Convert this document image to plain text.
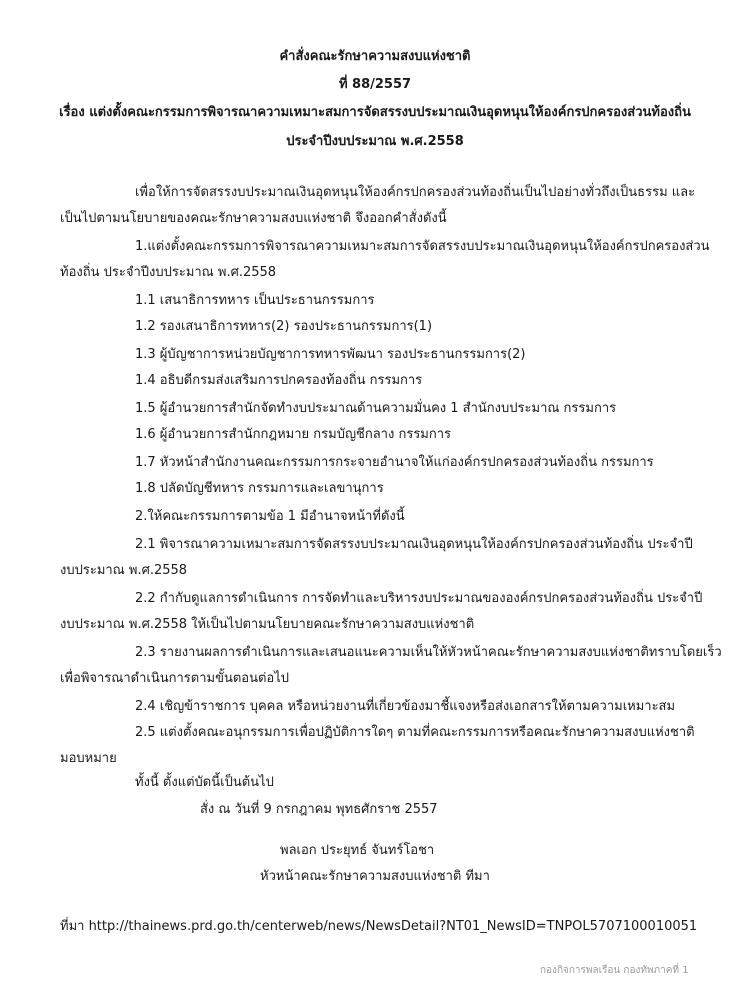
คำสั่งคณะรักษาความสงบแห่งชาติ
ที่ 88/2557
เรื่อง แต่งตั้งคณะกรรมการพิจารณาความเหมาะสมการจัดสรรงบประมาณเงินอุดหนุนให้องค์กรปกครองส่วนท้องถิ่น
ประจำปีงบประมาณ พ.ศ.2558
เพื่อให้การจัดสรรงบประมาณเงินอุดหนุนให้องค์กรปกครองส่วนท้องถิ่นเป็นไปอย่างทั่วถึงเป็นธรรม และ
เป็นไปตามนโยบายของคณะรักษาความสงบแห่งชาติ จึงออกคำสั่งดังนี้
1.แต่งตั้งคณะกรรมการพิจารณาความเหมาะสมการจัดสรรงบประมาณเงินอุดหนุนให้องค์กรปกครองส่วน
ท้องถิ่น ประจำปีงบประมาณ พ.ศ.2558
1.1 เสนาธิการทหาร เป็นประธานกรรมการ
1.2 รองเสนาธิการทหาร(2) รองประธานกรรมการ(1)
1.3 ผู้บัญชาการหน่วยบัญชาการทหารพัฒนา รองประธานกรรมการ(2)
1.4 อธิบดีกรมส่งเสริมการปกครองท้องถิ่น กรรมการ
1.5 ผู้อำนวยการสำนักจัดทำงบประมาณด้านความมั่นคง 1 สำนักงบประมาณ กรรมการ
1.6 ผู้อำนวยการสำนักกฎหมาย กรมบัญชีกลาง กรรมการ
1.7 หัวหน้าสำนักงานคณะกรรมการกระจายอำนาจให้แก่องค์กรปกครองส่วนท้องถิ่น กรรมการ
1.8 ปลัดบัญชีทหาร กรรมการและเลขานุการ
2.ให้คณะกรรมการตามข้อ 1 มีอำนาจหน้าที่ดังนี้
2.1 พิจารณาความเหมาะสมการจัดสรรงบประมาณเงินอุดหนุนให้องค์กรปกครองส่วนท้องถิ่น ประจำปี
งบประมาณ พ.ศ.2558
2.2 กำกับดูแลการดำเนินการ การจัดทำและบริหารงบประมาณขององค์กรปกครองส่วนท้องถิ่น ประจำปี
งบประมาณ พ.ศ.2558 ให้เป็นไปตามนโยบายคณะรักษาความสงบแห่งชาติ
2.3 รายงานผลการดำเนินการและเสนอแนะความเห็นให้หัวหน้าคณะรักษาความสงบแห่งชาติทราบโดยเร็ว
เพื่อพิจารณาดำเนินการตามขั้นตอนต่อไป
2.4 เชิญข้าราชการ บุคคล หรือหน่วยงานที่เกี่ยวข้องมาชี้แจงหรือส่งเอกสารให้ตามความเหมาะสม
2.5 แต่งตั้งคณะอนุกรรมการเพื่อปฏิบัติการใดๆ ตามที่คณะกรรมการหรือคณะรักษาความสงบแห่งชาติ
มอบหมาย
ทั้งนี้ ตั้งแต่บัดนี้เป็นต้นไป
สั่ง ณ วันที่ 9 กรกฎาคม พุทธศักราช 2557
พลเอก ประยุทธ์ จันทร์โอชา
หัวหน้าคณะรักษาความสงบแห่งชาติ ทีมา
ที่มา http://thainews.prd.go.th/centerweb/news/NewsDetail?NT01_NewsID=TNPOL5707100010051
กองกิจการพลเรือน กองทัพภาคที่ 1
